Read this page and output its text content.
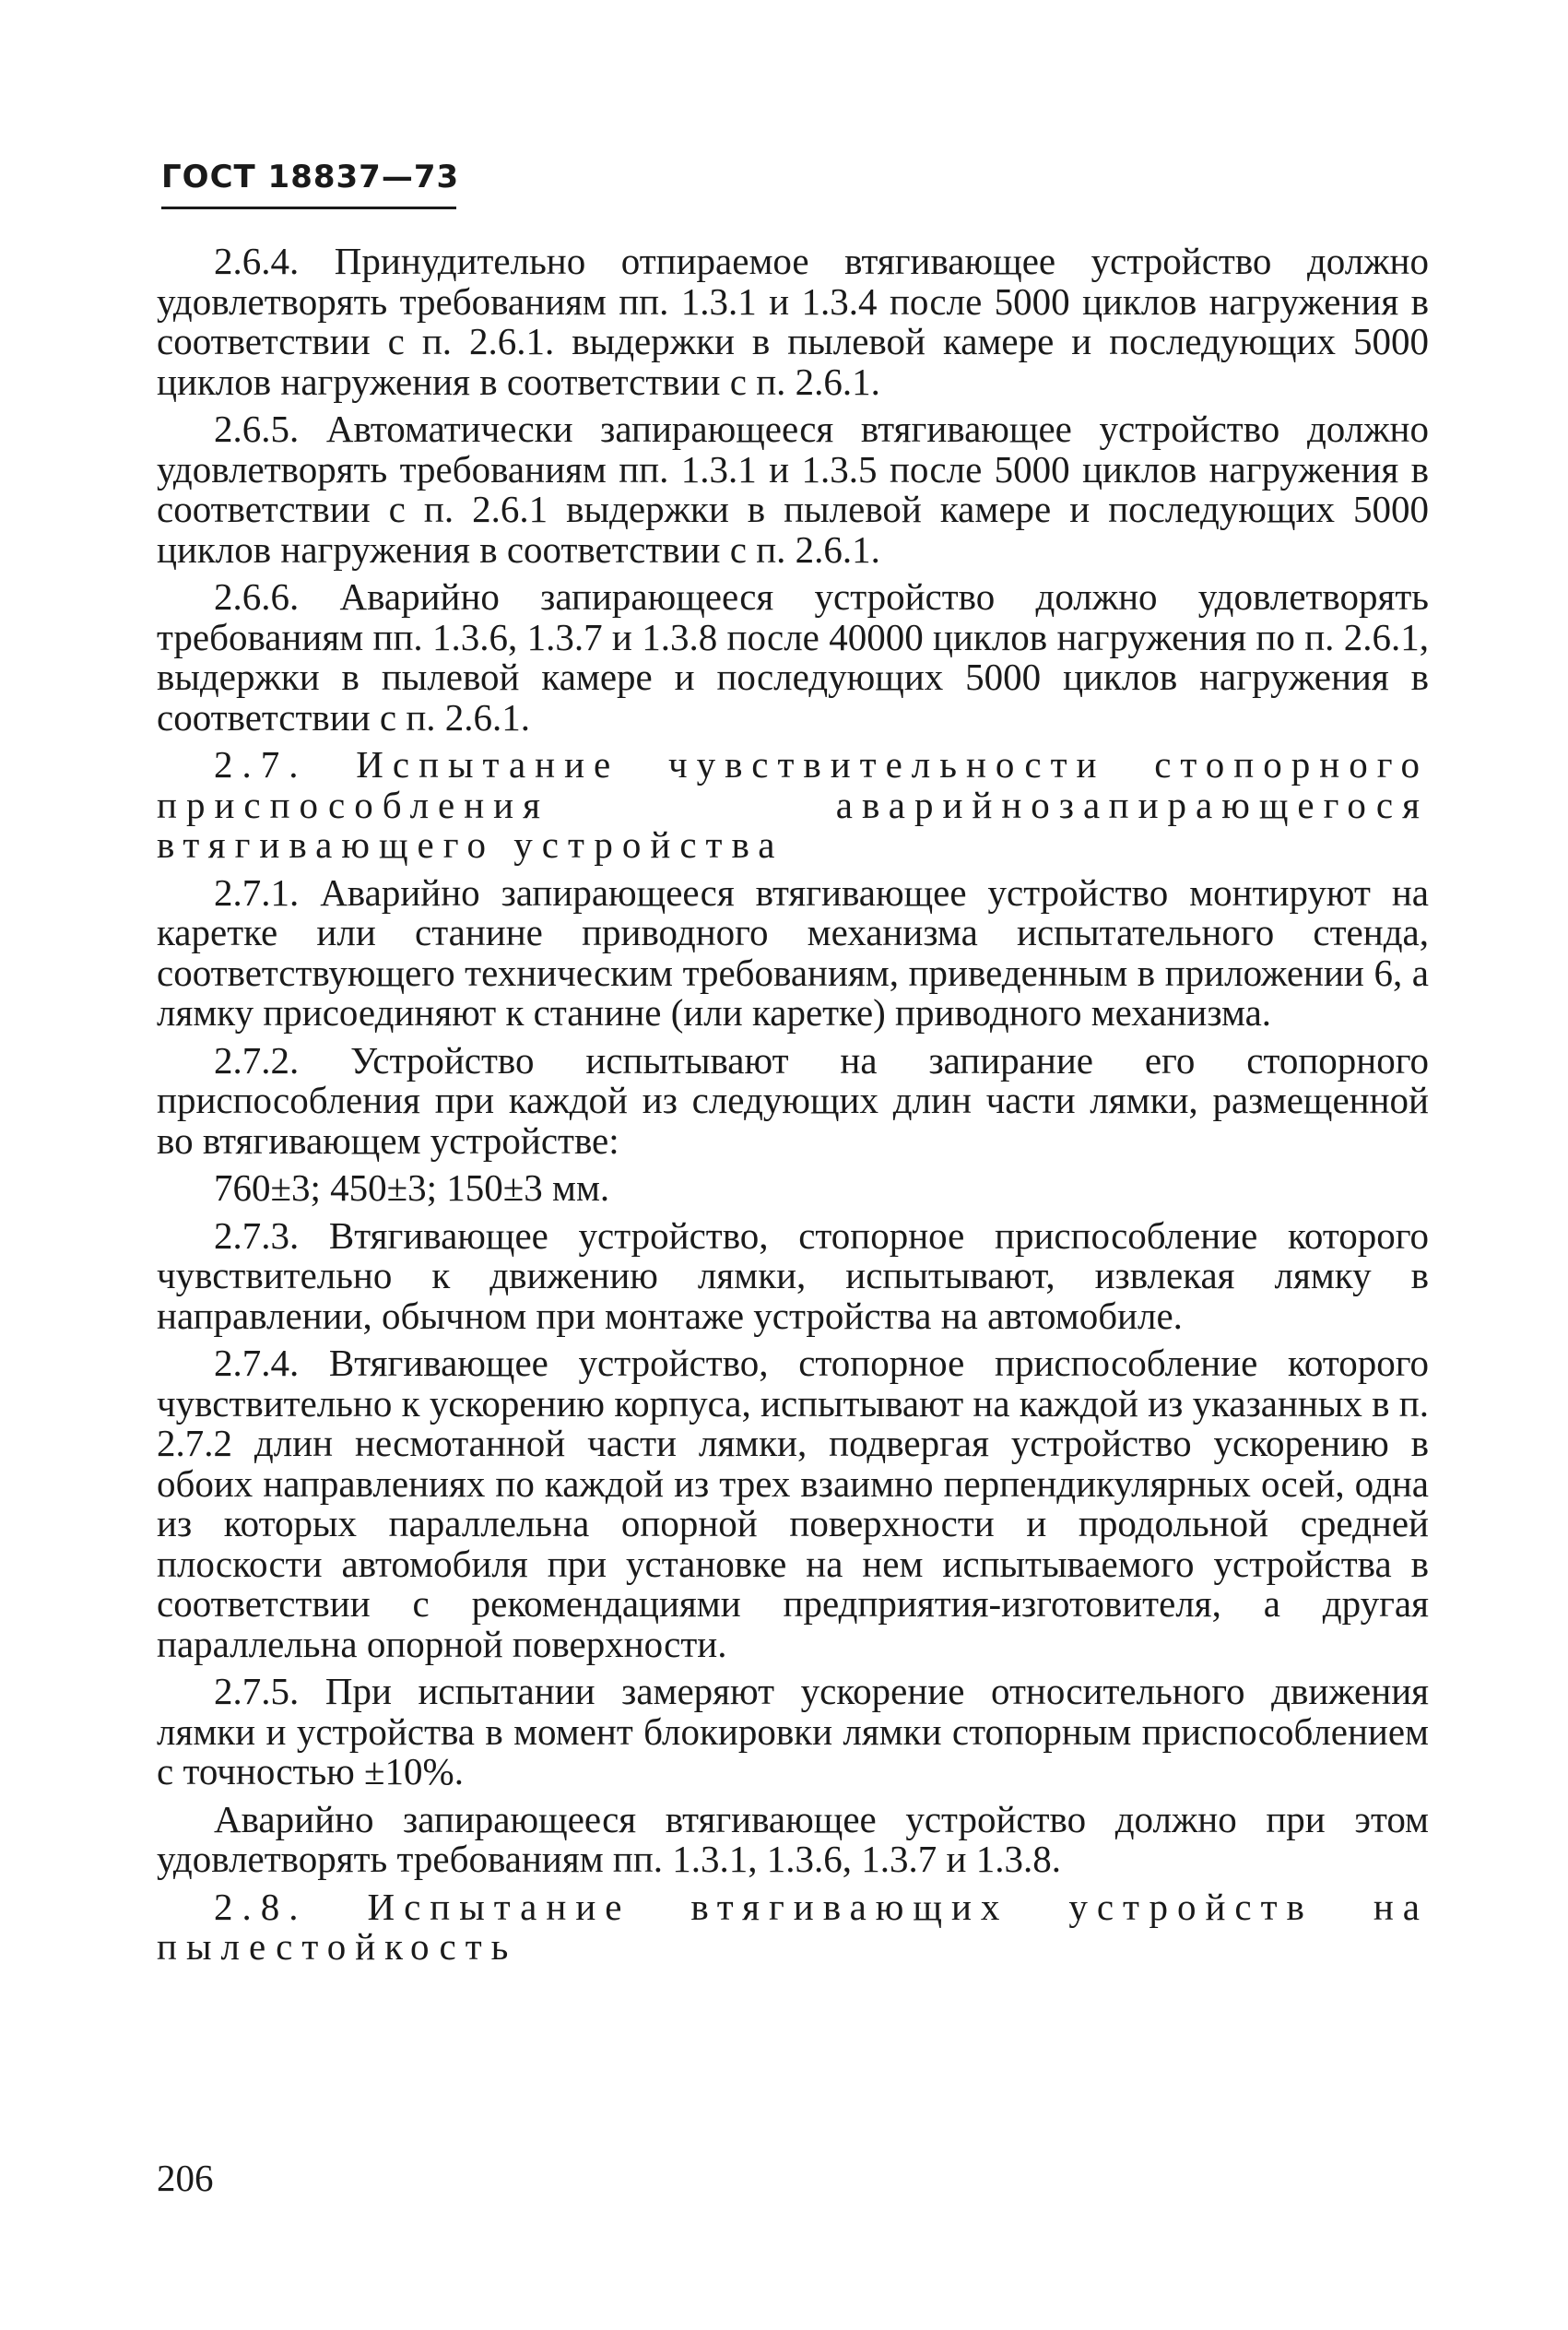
ГОСТ 18837—73

2.6.4. Принудительно отпираемое втягивающее устройство должно удовлетворять требованиям пп. 1.3.1 и 1.3.4 после 5000 циклов нагружения в соответствии с п. 2.6.1. выдержки в пылевой камере и последующих 5000 циклов нагружения в соответствии с п. 2.6.1.

2.6.5. Автоматически запирающееся втягивающее устройство должно удовлетворять требованиям пп. 1.3.1 и 1.3.5 после 5000 циклов нагружения в соответствии с п. 2.6.1 выдержки в пылевой камере и последующих 5000 циклов нагружения в соответствии с п. 2.6.1.

2.6.6. Аварийно запирающееся устройство должно удовлетворять требованиям пп. 1.3.6, 1.3.7 и 1.3.8 после 40000 циклов нагружения по п. 2.6.1, выдержки в пылевой камере и последующих 5000 циклов нагружения в соответствии с п. 2.6.1.

2.7. Испытание чувствительности стопорного приспособления аварийнозапирающегося втягивающего устройства

2.7.1. Аварийно запирающееся втягивающее устройство монтируют на каретке или станине приводного механизма испытательного стенда, соответствующего техническим требованиям, приведенным в приложении 6, а лямку присоединяют к станине (или каретке) приводного механизма.

2.7.2. Устройство испытывают на запирание его стопорного приспособления при каждой из следующих длин части лямки, размещенной во втягивающем устройстве:

760±3; 450±3; 150±3 мм.

2.7.3. Втягивающее устройство, стопорное приспособление которого чувствительно к движению лямки, испытывают, извлекая лямку в направлении, обычном при монтаже устройства на автомобиле.

2.7.4. Втягивающее устройство, стопорное приспособление которого чувствительно к ускорению корпуса, испытывают на каждой из указанных в п. 2.7.2 длин несмотанной части лямки, подвергая устройство ускорению в обоих направлениях по каждой из трех взаимно перпендикулярных осей, одна из которых параллельна опорной поверхности и продольной средней плоскости автомобиля при установке на нем испытываемого устройства в соответствии с рекомендациями предприятия-изготовителя, а другая параллельна опорной поверхности.

2.7.5. При испытании замеряют ускорение относительного движения лямки и устройства в момент блокировки лямки стопорным приспособлением с точностью ±10%.

Аварийно запирающееся втягивающее устройство должно при этом удовлетворять требованиям пп. 1.3.1, 1.3.6, 1.3.7 и 1.3.8.

2.8. Испытание втягивающих устройств на пылестойкость

206
